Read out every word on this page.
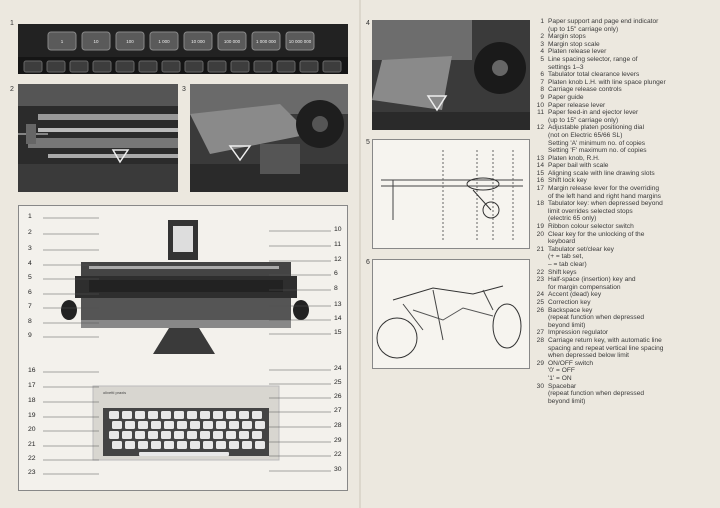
1
1	10	100	1 000	10 000	100 000	1 000 000	10 000 000
2	3
4
5
6
olivetti praxis
1
2
3
4
5
6
7
8
9
16
17
18
19
20
21
22
23
10
11
12
6
8
13
14
15
24
25
26
27
28
29
22
30
1 Paper support and page end indicator
(up to 15" carriage only)
2 Margin stops
3 Margin stop scale
4 Platen release lever
5 Line spacing selector, range of
settings 1–3
6 Tabulator total clearance levers
7 Platen knob L.H. with line space plunger
8 Carriage release controls
9 Paper guide
10 Paper release lever
11 Paper feed-in and ejector lever
(up to 15" carriage only)
12 Adjustable platen positioning dial
(not on Electric 65/66 SL)
Setting 'A' minimum no. of copies
Setting 'F' maximum no. of copies
13 Platen knob, R.H.
14 Paper bail with scale
15 Aligning scale with line drawing slots
16 Shift lock key
17 Margin release lever for the overriding
of the left hand and right hand margins
18 Tabulator key: when depressed beyond
limit overrides selected stops
(electric 65 only)
19 Ribbon colour selector switch
20 Clear key for the unlocking of the
keyboard
21 Tabulator set/clear key
(+ = tab set,
– = tab clear)
22 Shift keys
23 Half-space (insertion) key and
for margin compensation
24 Accent (dead) key
25 Correction key
26 Backspace key
(repeat function when depressed
beyond limit)
27 Impression regulator
28 Carriage return key, with automatic line
spacing and repeat vertical line spacing
when depressed below limit
29 ON/OFF switch
'0' = OFF
'1' = ON
30 Spacebar
(repeat function when depressed
beyond limit)
